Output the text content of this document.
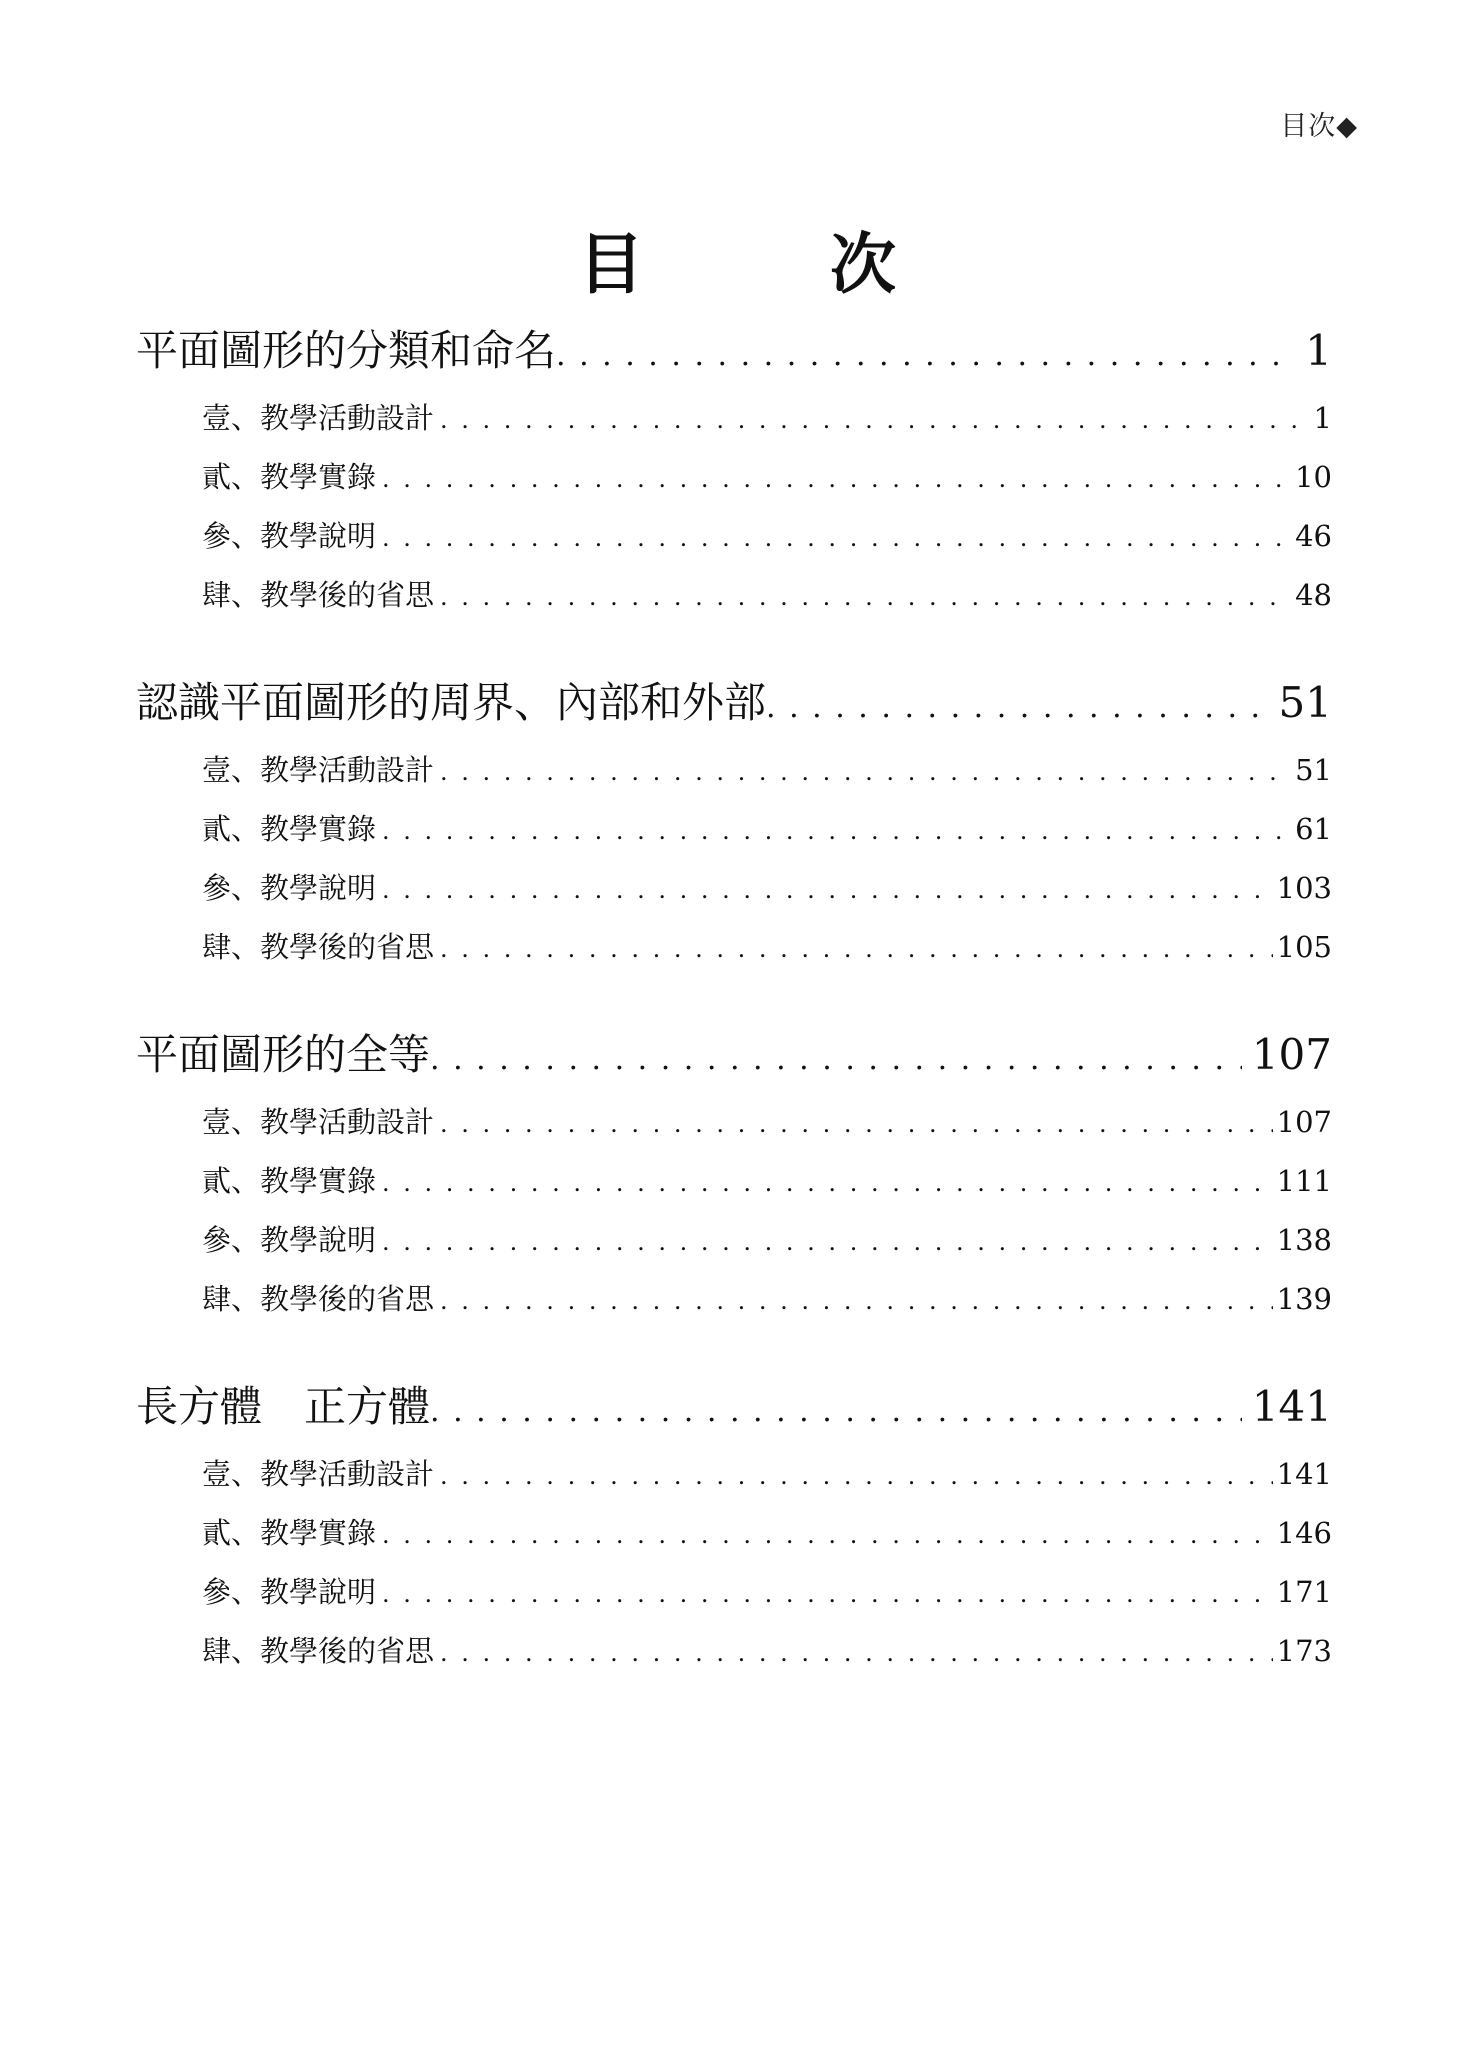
目次◆
目　次
平面圖形的分類和命名 . . .	1
壹、教學活動設計 . . .	1
貳、教學實錄 . . .	10
參、教學說明 . . .	46
肆、教學後的省思 . . .	48
認識平面圖形的周界、內部和外部 . . .	51
壹、教學活動設計 . . .	51
貳、教學實錄 . . .	61
參、教學說明 . . .	103
肆、教學後的省思 . . .	105
平面圖形的全等 . . .	107
壹、教學活動設計 . . .	107
貳、教學實錄 . . .	111
參、教學說明 . . .	138
肆、教學後的省思 . . .	139
長方體　正方體 . . .	141
壹、教學活動設計 . . .	141
貳、教學實錄 . . .	146
參、教學說明 . . .	171
肆、教學後的省思 . . .	173
